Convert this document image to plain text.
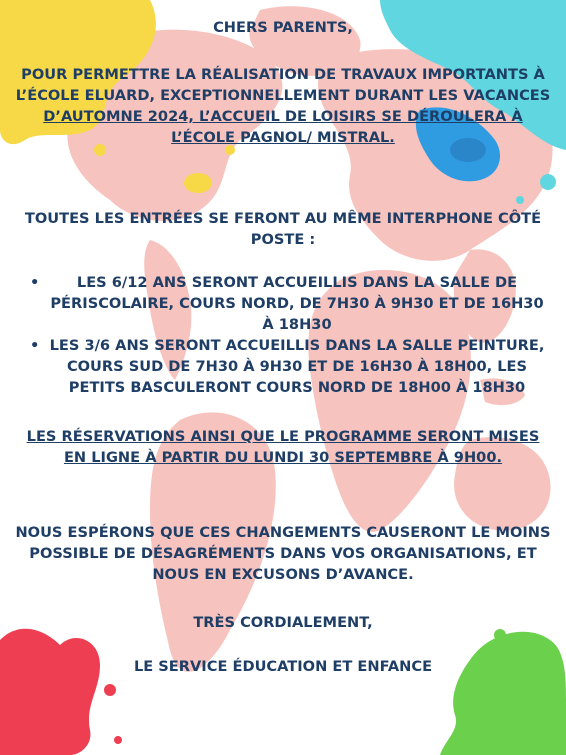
CHERS PARENTS,

POUR PERMETTRE LA RÉALISATION DE TRAVAUX IMPORTANTS À L’ÉCOLE ELUARD, EXCEPTIONNELLEMENT DURANT LES VACANCES D’AUTOMNE 2024, L’ACCUEIL DE LOISIRS SE DÉROULERA À L’ÉCOLE PAGNOL/ MISTRAL.

TOUTES LES ENTRÉES SE FERONT AU MÊME INTERPHONE CÔTÉ POSTE :

•	LES 6/12 ANS SERONT ACCUEILLIS DANS LA SALLE DE PÉRISCOLAIRE, COURS NORD, DE 7H30 À 9H30 ET DE 16H30 À 18H30
• LES 3/6 ANS SERONT ACCUEILLIS DANS LA SALLE PEINTURE, COURS SUD DE 7H30 À 9H30 ET DE 16H30 À 18H00, LES PETITS BASCULERONT COURS NORD DE 18H00 À 18H30

LES RÉSERVATIONS AINSI QUE LE PROGRAMME SERONT MISES EN LIGNE À PARTIR DU LUNDI 30 SEPTEMBRE À 9H00.

NOUS ESPÉRONS QUE CES CHANGEMENTS CAUSERONT LE MOINS POSSIBLE DE DÉSAGRÉMENTS DANS VOS ORGANISATIONS, ET NOUS EN EXCUSONS D’AVANCE.

TRÈS CORDIALEMENT,

LE SERVICE ÉDUCATION ET ENFANCE
